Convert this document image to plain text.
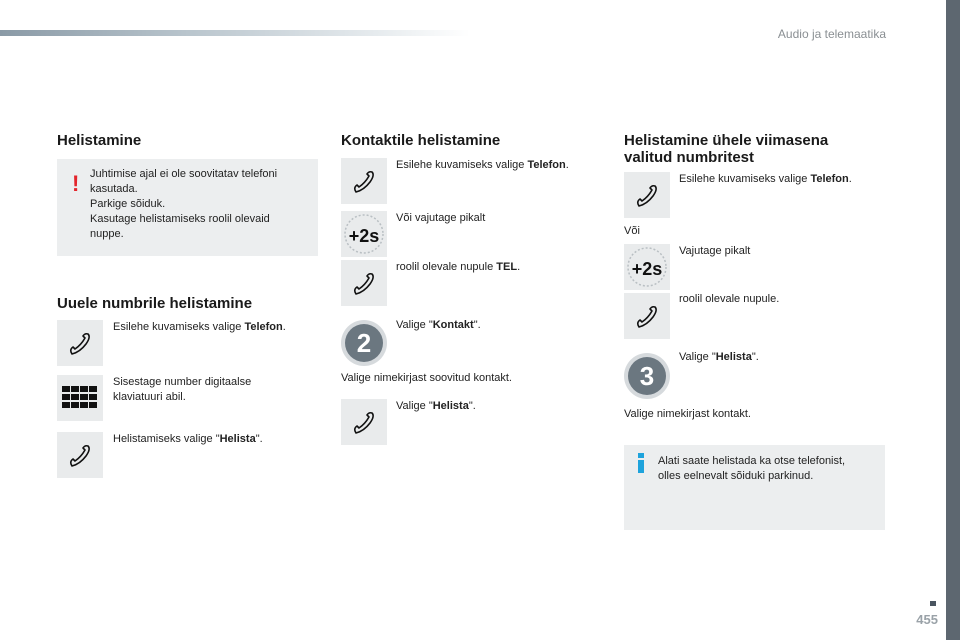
Audio ja telemaatika
455
Helistamine
! Juhtimise ajal ei ole soovitatav telefoni
kasutada.
Parkige sõiduk.
Kasutage helistamiseks roolil olevaid
nuppe.
Uuele numbrile helistamine
Esilehe kuvamiseks valige Telefon.
Sisestage number digitaalse
klaviatuuri abil.
Helistamiseks valige "Helista".
Kontaktile helistamine
Esilehe kuvamiseks valige Telefon.
+2s
Või vajutage pikalt
roolil olevale nupule TEL.
2
Valige "Kontakt".
Valige nimekirjast soovitud kontakt.
Valige "Helista".
Helistamine ühele viimasena
valitud numbritest
Esilehe kuvamiseks valige Telefon.
Või
+2s
Vajutage pikalt
roolil olevale nupule.
3
Valige "Helista".
Valige nimekirjast kontakt.
Alati saate helistada ka otse telefonist,
olles eelnevalt sõiduki parkinud.
